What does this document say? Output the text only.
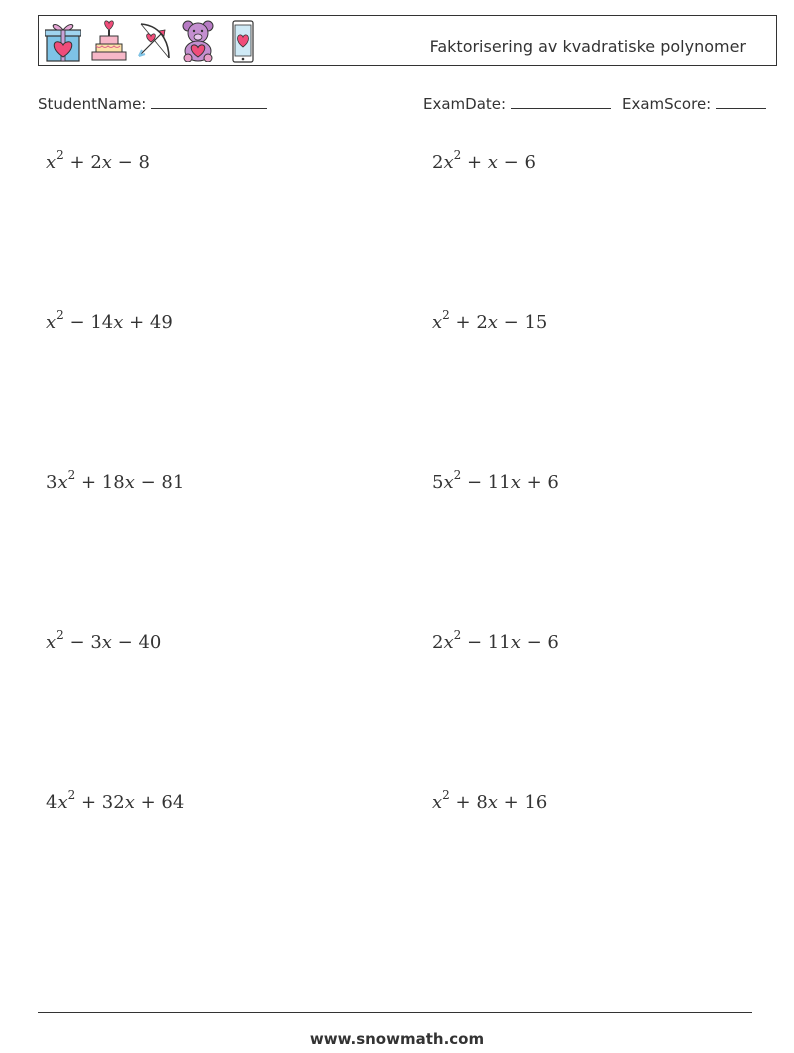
Faktorisering av kvadratiske polynomer
StudentName:	ExamDate:	ExamScore:
$x^2 + 2x - 8$	$2x^2 + x - 6$
$x^2 - 14x + 49$	$x^2 + 2x - 15$
$3x^2 + 18x - 81$	$5x^2 - 11x + 6$
$x^2 - 3x - 40$	$2x^2 - 11x - 6$
$4x^2 + 32x + 64$	$x^2 + 8x + 16$
www.snowmath.com
